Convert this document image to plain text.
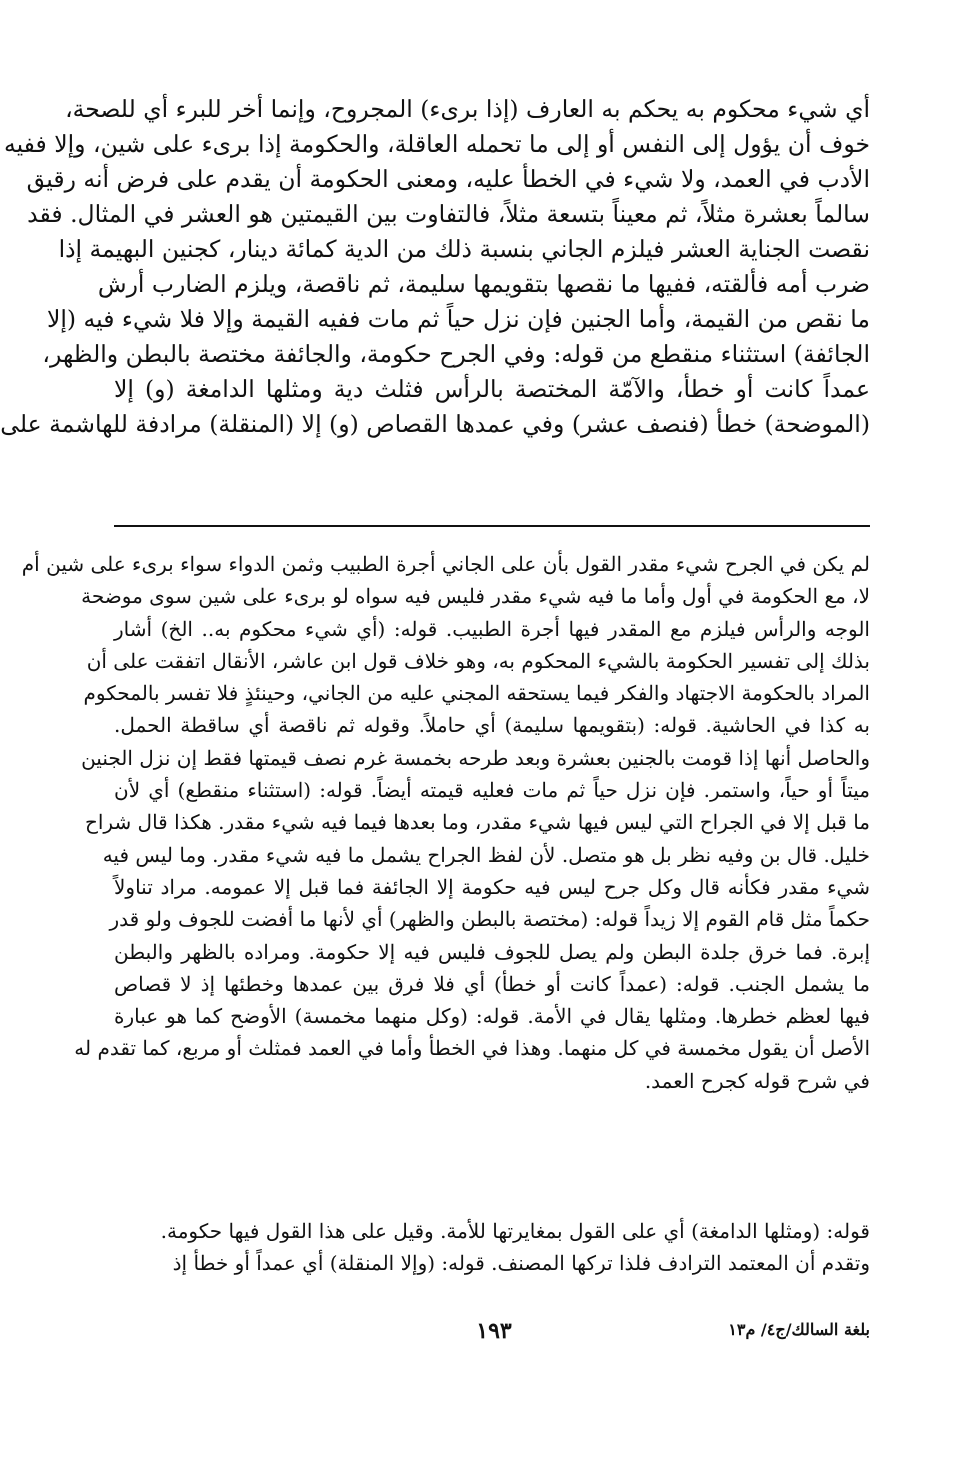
أي شيء محكوم به يحكم به العارف (إذا برىء) المجروح، وإنما أخر للبرء أي للصحة،
خوف أن يؤول إلى النفس أو إلى ما تحمله العاقلة، والحكومة إذا برىء على شين، وإلا ففيه
الأدب في العمد، ولا شيء في الخطأ عليه، ومعنى الحكومة أن يقدم على فرض أنه رقيق
سالماً بعشرة مثلاً، ثم معيناً بتسعة مثلاً، فالتفاوت بين القيمتين هو العشر في المثال. فقد
نقصت الجناية العشر فيلزم الجاني بنسبة ذلك من الدية كمائة دينار، كجنين البهيمة إذا
ضرب أمه فألقته، ففيها ما نقصها بتقويمها سليمة، ثم ناقصة، ويلزم الضارب أرش
ما نقص من القيمة، وأما الجنين فإن نزل حياً ثم مات ففيه القيمة وإلا فلا شيء فيه (إلا
الجائفة) استثناء منقطع من قوله: وفي الجرح حكومة، والجائفة مختصة بالبطن والظهر،
عمداً كانت أو خطأ، والآمّة المختصة بالرأس فثلث دية ومثلها الدامغة (و) إلا
(الموضحة) خطأ (فنصف عشر) وفي عمدها القصاص (و) إلا (المنقلة) مرادفة للهاشمة على
لم يكن في الجرح شيء مقدر القول بأن على الجاني أجرة الطبيب وثمن الدواء سواء برىء على شين أم
لا، مع الحكومة في أول وأما ما فيه شيء مقدر فليس فيه سواه لو برىء على شين سوى موضحة
الوجه والرأس فيلزم مع المقدر فيها أجرة الطبيب. قوله: (أي شيء محكوم به.. الخ) أشار
بذلك إلى تفسير الحكومة بالشيء المحكوم به، وهو خلاف قول ابن عاشر، الأنقال اتفقت على أن
المراد بالحكومة الاجتهاد والفكر فيما يستحقه المجني عليه من الجاني، وحينئذٍ فلا تفسر بالمحكوم
به كذا في الحاشية. قوله: (بتقويمها سليمة) أي حاملاً. وقوله ثم ناقصة أي ساقطة الحمل.
والحاصل أنها إذا قومت بالجنين بعشرة وبعد طرحه بخمسة غرم نصف قيمتها فقط إن نزل الجنين
ميتاً أو حياً، واستمر. فإن نزل حياً ثم مات فعليه قيمته أيضاً. قوله: (استثناء منقطع) أي لأن
ما قبل إلا في الجراح التي ليس فيها شيء مقدر، وما بعدها فيما فيه شيء مقدر. هكذا قال شراح
خليل. قال بن وفيه نظر بل هو متصل. لأن لفظ الجراح يشمل ما فيه شيء مقدر. وما ليس فيه
شيء مقدر فكأنه قال وكل جرح ليس فيه حكومة إلا الجائفة فما قبل إلا عمومه. مراد تناولاً
حكماً مثل قام القوم إلا زيداً قوله: (مختصة بالبطن والظهر) أي لأنها ما أفضت للجوف ولو قدر
إبرة. فما خرق جلدة البطن ولم يصل للجوف فليس فيه إلا حكومة. ومراده بالظهر والبطن
ما يشمل الجنب. قوله: (عمداً كانت أو خطأ) أي فلا فرق بين عمدها وخطئها إذ لا قصاص
فيها لعظم خطرها. ومثلها يقال في الأمة. قوله: (وكل منهما مخمسة) الأوضح كما هو عبارة
الأصل أن يقول مخمسة في كل منهما. وهذا في الخطأ وأما في العمد فمثلث أو مربع، كما تقدم له
في شرح قوله كجرح العمد.
قوله: (ومثلها الدامغة) أي على القول بمغايرتها للأمة. وقيل على هذا القول فيها حكومة. وتقدم أن المعتمد الترادف فلذا تركها المصنف. قوله: (وإلا المنقلة) أي عمداً أو خطأ إذ
بلغة السالك/ج٤/ م١٣
١٩٣
